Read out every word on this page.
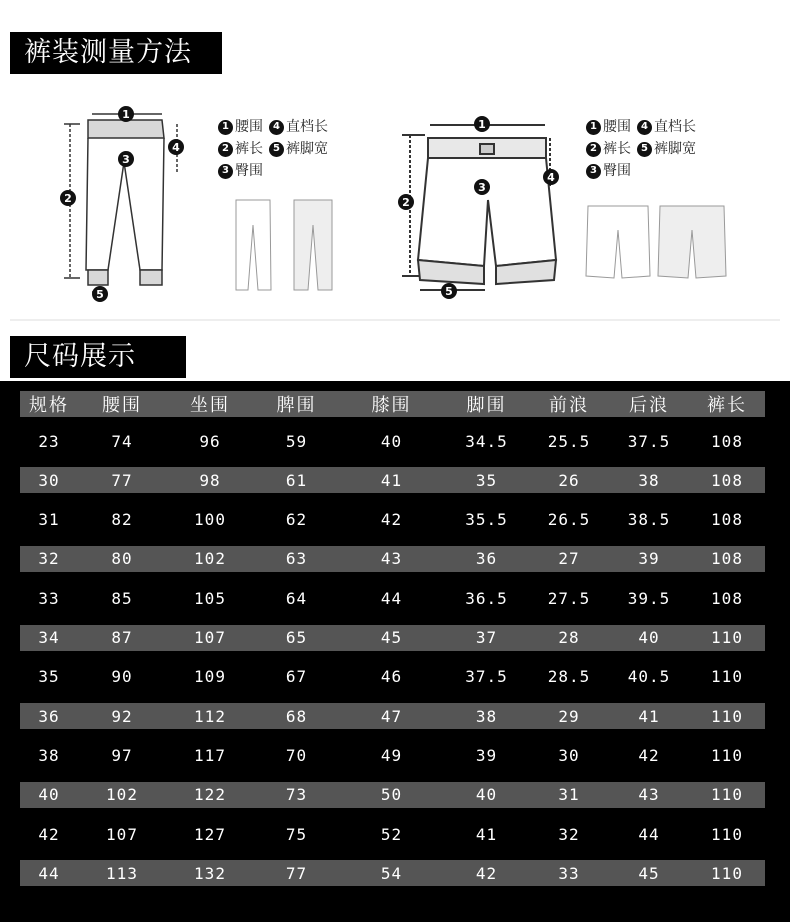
裤装测量方法
1
2
3
4
5
1
2
3
4
5
1 腰围	4 直档长
2 裤长	5 裤脚宽
3 臀围
1 腰围	4 直档长
2 裤长	5 裤脚宽
3 臀围
尺码展示
规格	腰围	坐围	脾围	膝围	脚围	前浪	后浪	裤长
23	74	96	59	40	34.5	25.5	37.5	108
30	77	98	61	41	35	26	38	108
31	82	100	62	42	35.5	26.5	38.5	108
32	80	102	63	43	36	27	39	108
33	85	105	64	44	36.5	27.5	39.5	108
34	87	107	65	45	37	28	40	110
35	90	109	67	46	37.5	28.5	40.5	110
36	92	112	68	47	38	29	41	110
38	97	117	70	49	39	30	42	110
40	102	122	73	50	40	31	43	110
42	107	127	75	52	41	32	44	110
44	113	132	77	54	42	33	45	110
